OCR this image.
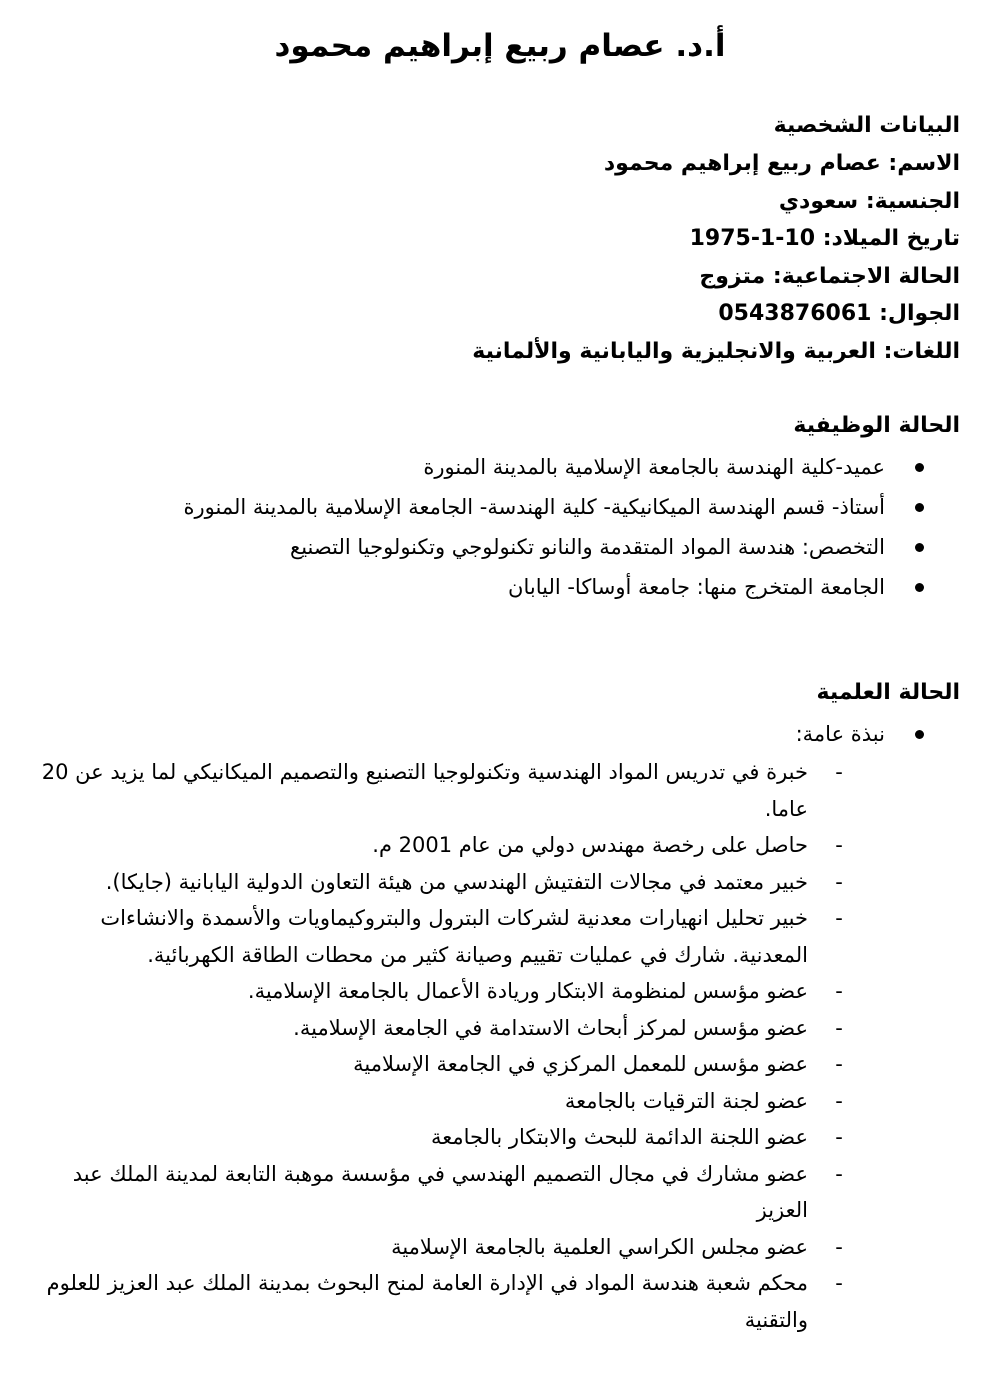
أ.د. عصام ربيع إبراهيم محمود
البيانات الشخصية
الاسم: عصام ربيع إبراهيم محمود
الجنسية: سعودي
تاريخ الميلاد: 10-1-1975
الحالة الاجتماعية: متزوج
الجوال: 0543876061
اللغات: العربية والانجليزية واليابانية والألمانية
الحالة الوظيفية
عميد-كلية الهندسة بالجامعة الإسلامية بالمدينة المنورة
أستاذ- قسم الهندسة الميكانيكية- كلية الهندسة- الجامعة الإسلامية بالمدينة المنورة
التخصص: هندسة المواد المتقدمة والنانو تكنولوجي وتكنولوجيا التصنيع
الجامعة المتخرج منها: جامعة أوساكا- اليابان
الحالة العلمية
نبذة عامة:
-
خبرة في تدريس المواد الهندسية وتكنولوجيا التصنيع والتصميم الميكانيكي لما يزيد عن 20 عاما.
-
حاصل على رخصة مهندس دولي من عام 2001 م.
-
خبير معتمد في مجالات التفتيش الهندسي من هيئة التعاون الدولية اليابانية (جايكا).
-
خبير تحليل انهيارات معدنية لشركات البترول والبتروكيماويات والأسمدة والانشاءات المعدنية. شارك في عمليات تقييم وصيانة كثير من محطات الطاقة الكهربائية.
-
عضو مؤسس لمنظومة الابتكار وريادة الأعمال بالجامعة الإسلامية.
-
عضو مؤسس لمركز أبحاث الاستدامة في الجامعة الإسلامية.
-
عضو مؤسس للمعمل المركزي في الجامعة الإسلامية
-
عضو لجنة الترقيات بالجامعة
-
عضو اللجنة الدائمة للبحث والابتكار بالجامعة
-
عضو مشارك في مجال التصميم الهندسي في مؤسسة موهبة التابعة لمدينة الملك عبد العزيز
-
عضو مجلس الكراسي العلمية بالجامعة الإسلامية
-
محكم شعبة هندسة المواد في الإدارة العامة لمنح البحوث بمدينة الملك عبد العزيز للعلوم والتقنية
